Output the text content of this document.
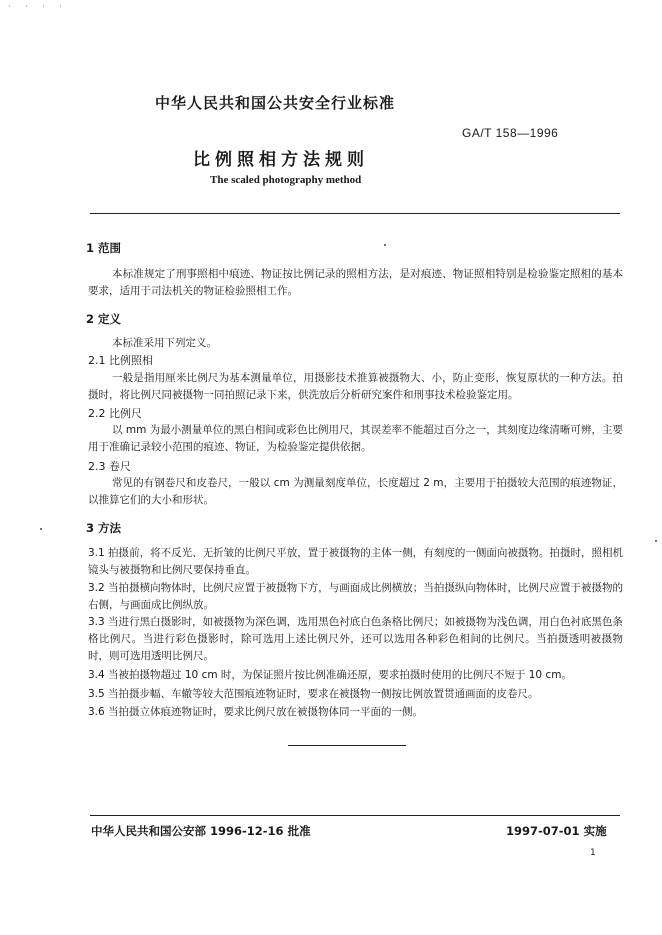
· · · ·
中华人民共和国公共安全行业标准
GA/T 158—1996
比例照相方法规则
The scaled photography method
1 范围
本标准规定了刑事照相中痕迹、物证按比例记录的照相方法，是对痕迹、物证照相特别是检验鉴定照相的基本要求，适用于司法机关的物证检验照相工作。
2 定义
本标准采用下列定义。
2.1 比例照相
一般是指用厘米比例尺为基本测量单位，用摄影技术推算被摄物大、小，防止变形，恢复原状的一种方法。拍摄时，将比例尺同被摄物一同拍照记录下来，供洗放后分析研究案件和刑事技术检验鉴定用。
2.2 比例尺
以 mm 为最小测量单位的黑白相间或彩色比例用尺，其误差率不能超过百分之一，其刻度边缘清晰可辨，主要用于准确记录较小范围的痕迹、物证，为检验鉴定提供依据。
2.3 卷尺
常见的有钢卷尺和皮卷尺，一般以 cm 为测量刻度单位，长度超过 2 m，主要用于拍摄较大范围的痕迹物证，以推算它们的大小和形状。
3 方法
3.1 拍摄前，将不反光、无折皱的比例尺平放，置于被摄物的主体一侧，有刻度的一侧面向被摄物。拍摄时，照相机镜头与被摄物和比例尺要保持垂直。
3.2 当拍摄横向物体时，比例尺应置于被摄物下方，与画面成比例横放；当拍摄纵向物体时，比例尺应置于被摄物的右侧，与画面成比例纵放。
3.3 当进行黑白摄影时，如被摄物为深色调，选用黑色衬底白色条格比例尺；如被摄物为浅色调，用白色衬底黑色条格比例尺。当进行彩色摄影时，除可选用上述比例尺外，还可以选用各种彩色相间的比例尺。当拍摄透明被摄物时，则可选用透明比例尺。
3.4 当被拍摄物超过 10 cm 时，为保证照片按比例准确还原，要求拍摄时使用的比例尺不短于 10 cm。
3.5 当拍摄步幅、车辙等较大范围痕迹物证时，要求在被摄物一侧按比例放置贯通画面的皮卷尺。
3.6 当拍摄立体痕迹物证时，要求比例尺放在被摄物体同一平面的一侧。
中华人民共和国公安部 1996-12-16 批准	1997-07-01 实施
1
